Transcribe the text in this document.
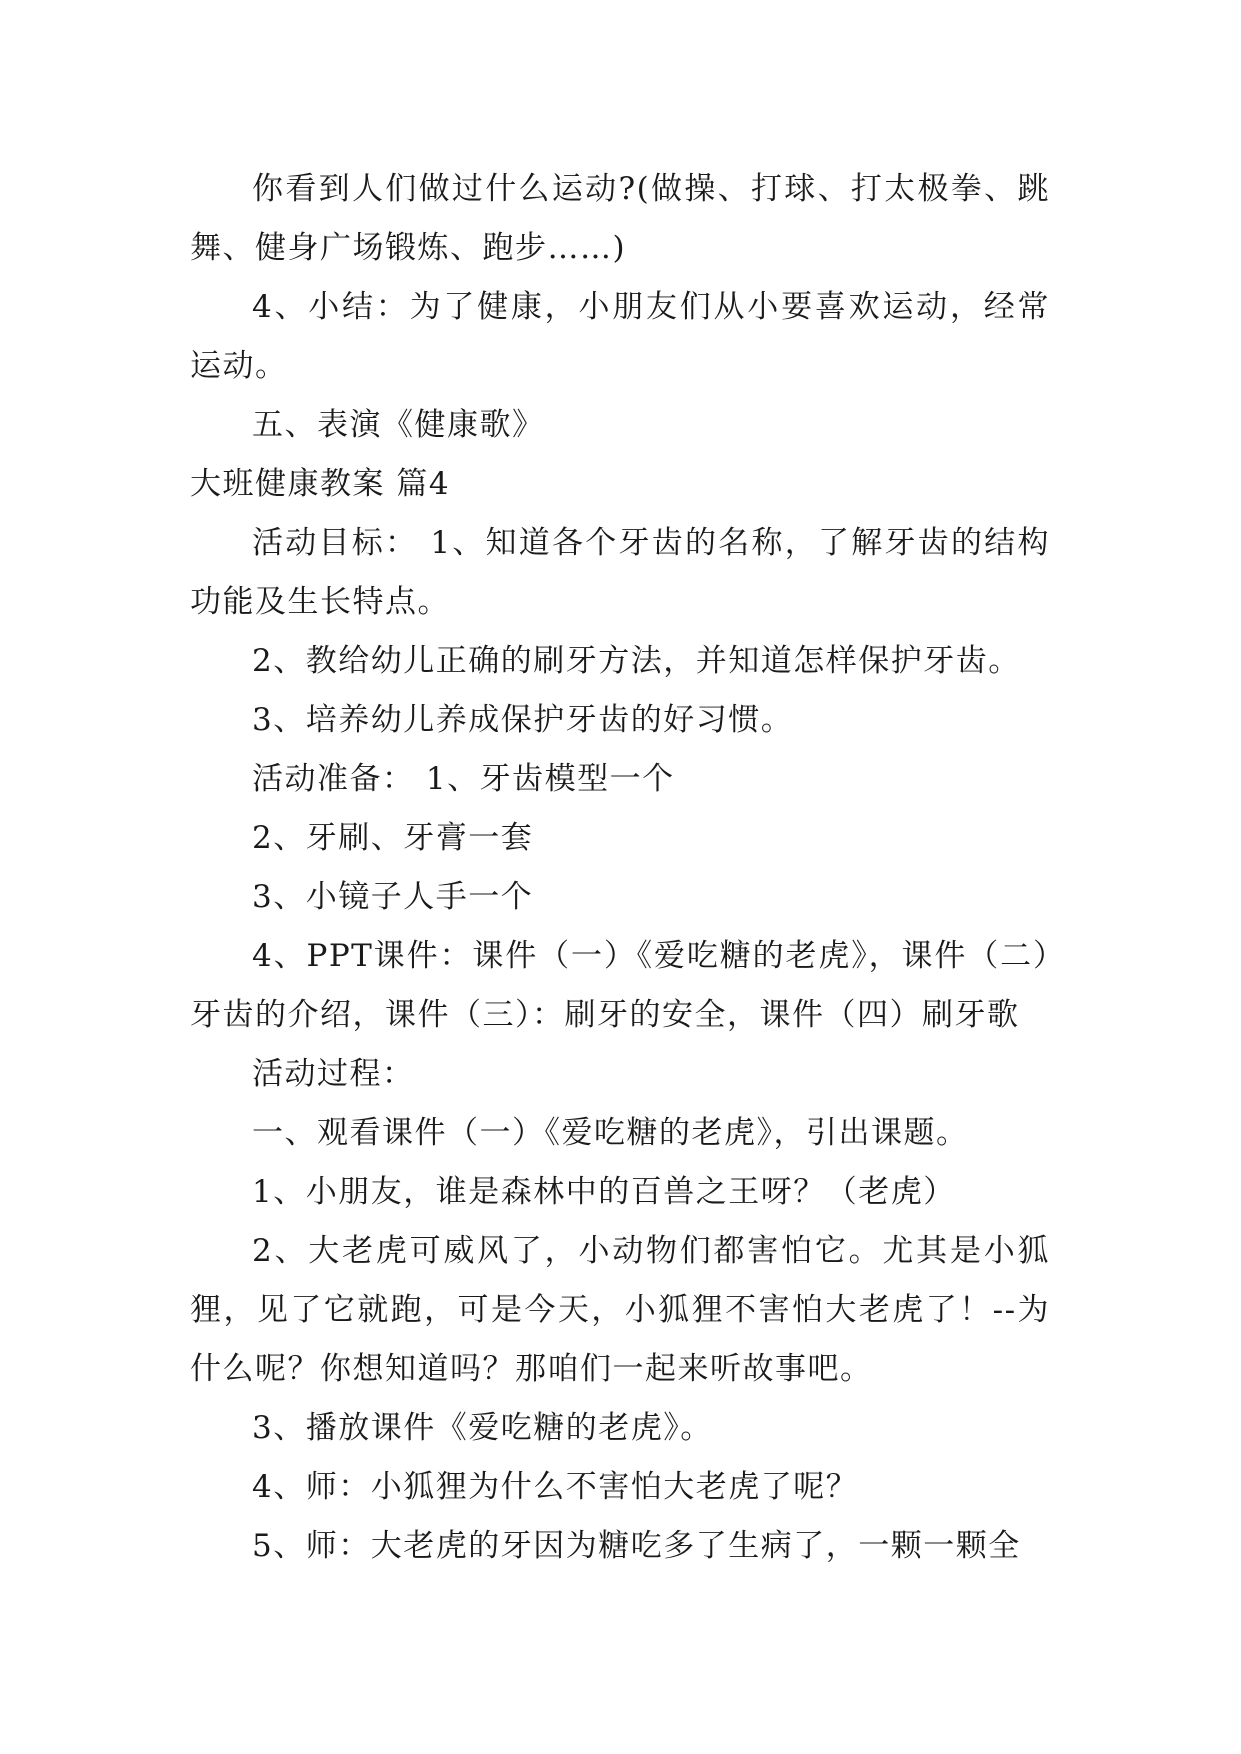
你看到人们做过什么运动?(做操、打球、打太极拳、跳舞、健身广场锻炼、跑步……)

4、小结：为了健康，小朋友们从小要喜欢运动，经常运动。

五、表演《健康歌》

大班健康教案 篇4

活动目标： 1、知道各个牙齿的名称，了解牙齿的结构功能及生长特点。

2、教给幼儿正确的刷牙方法，并知道怎样保护牙齿。

3、培养幼儿养成保护牙齿的好习惯。

活动准备： 1、牙齿模型一个

2、牙刷、牙膏一套

3、小镜子人手一个

4、PPT课件：课件（一）《爱吃糖的老虎》，课件（二）牙齿的介绍，课件（三）：刷牙的安全，课件（四）刷牙歌

活动过程：

一、观看课件（一）《爱吃糖的老虎》，引出课题。

1、小朋友，谁是森林中的百兽之王呀？（老虎）

2、大老虎可威风了，小动物们都害怕它。尤其是小狐狸，见了它就跑，可是今天，小狐狸不害怕大老虎了！--为什么呢？你想知道吗？那咱们一起来听故事吧。

3、播放课件《爱吃糖的老虎》。

4、师：小狐狸为什么不害怕大老虎了呢？

5、师：大老虎的牙因为糖吃多了生病了，一颗一颗全
